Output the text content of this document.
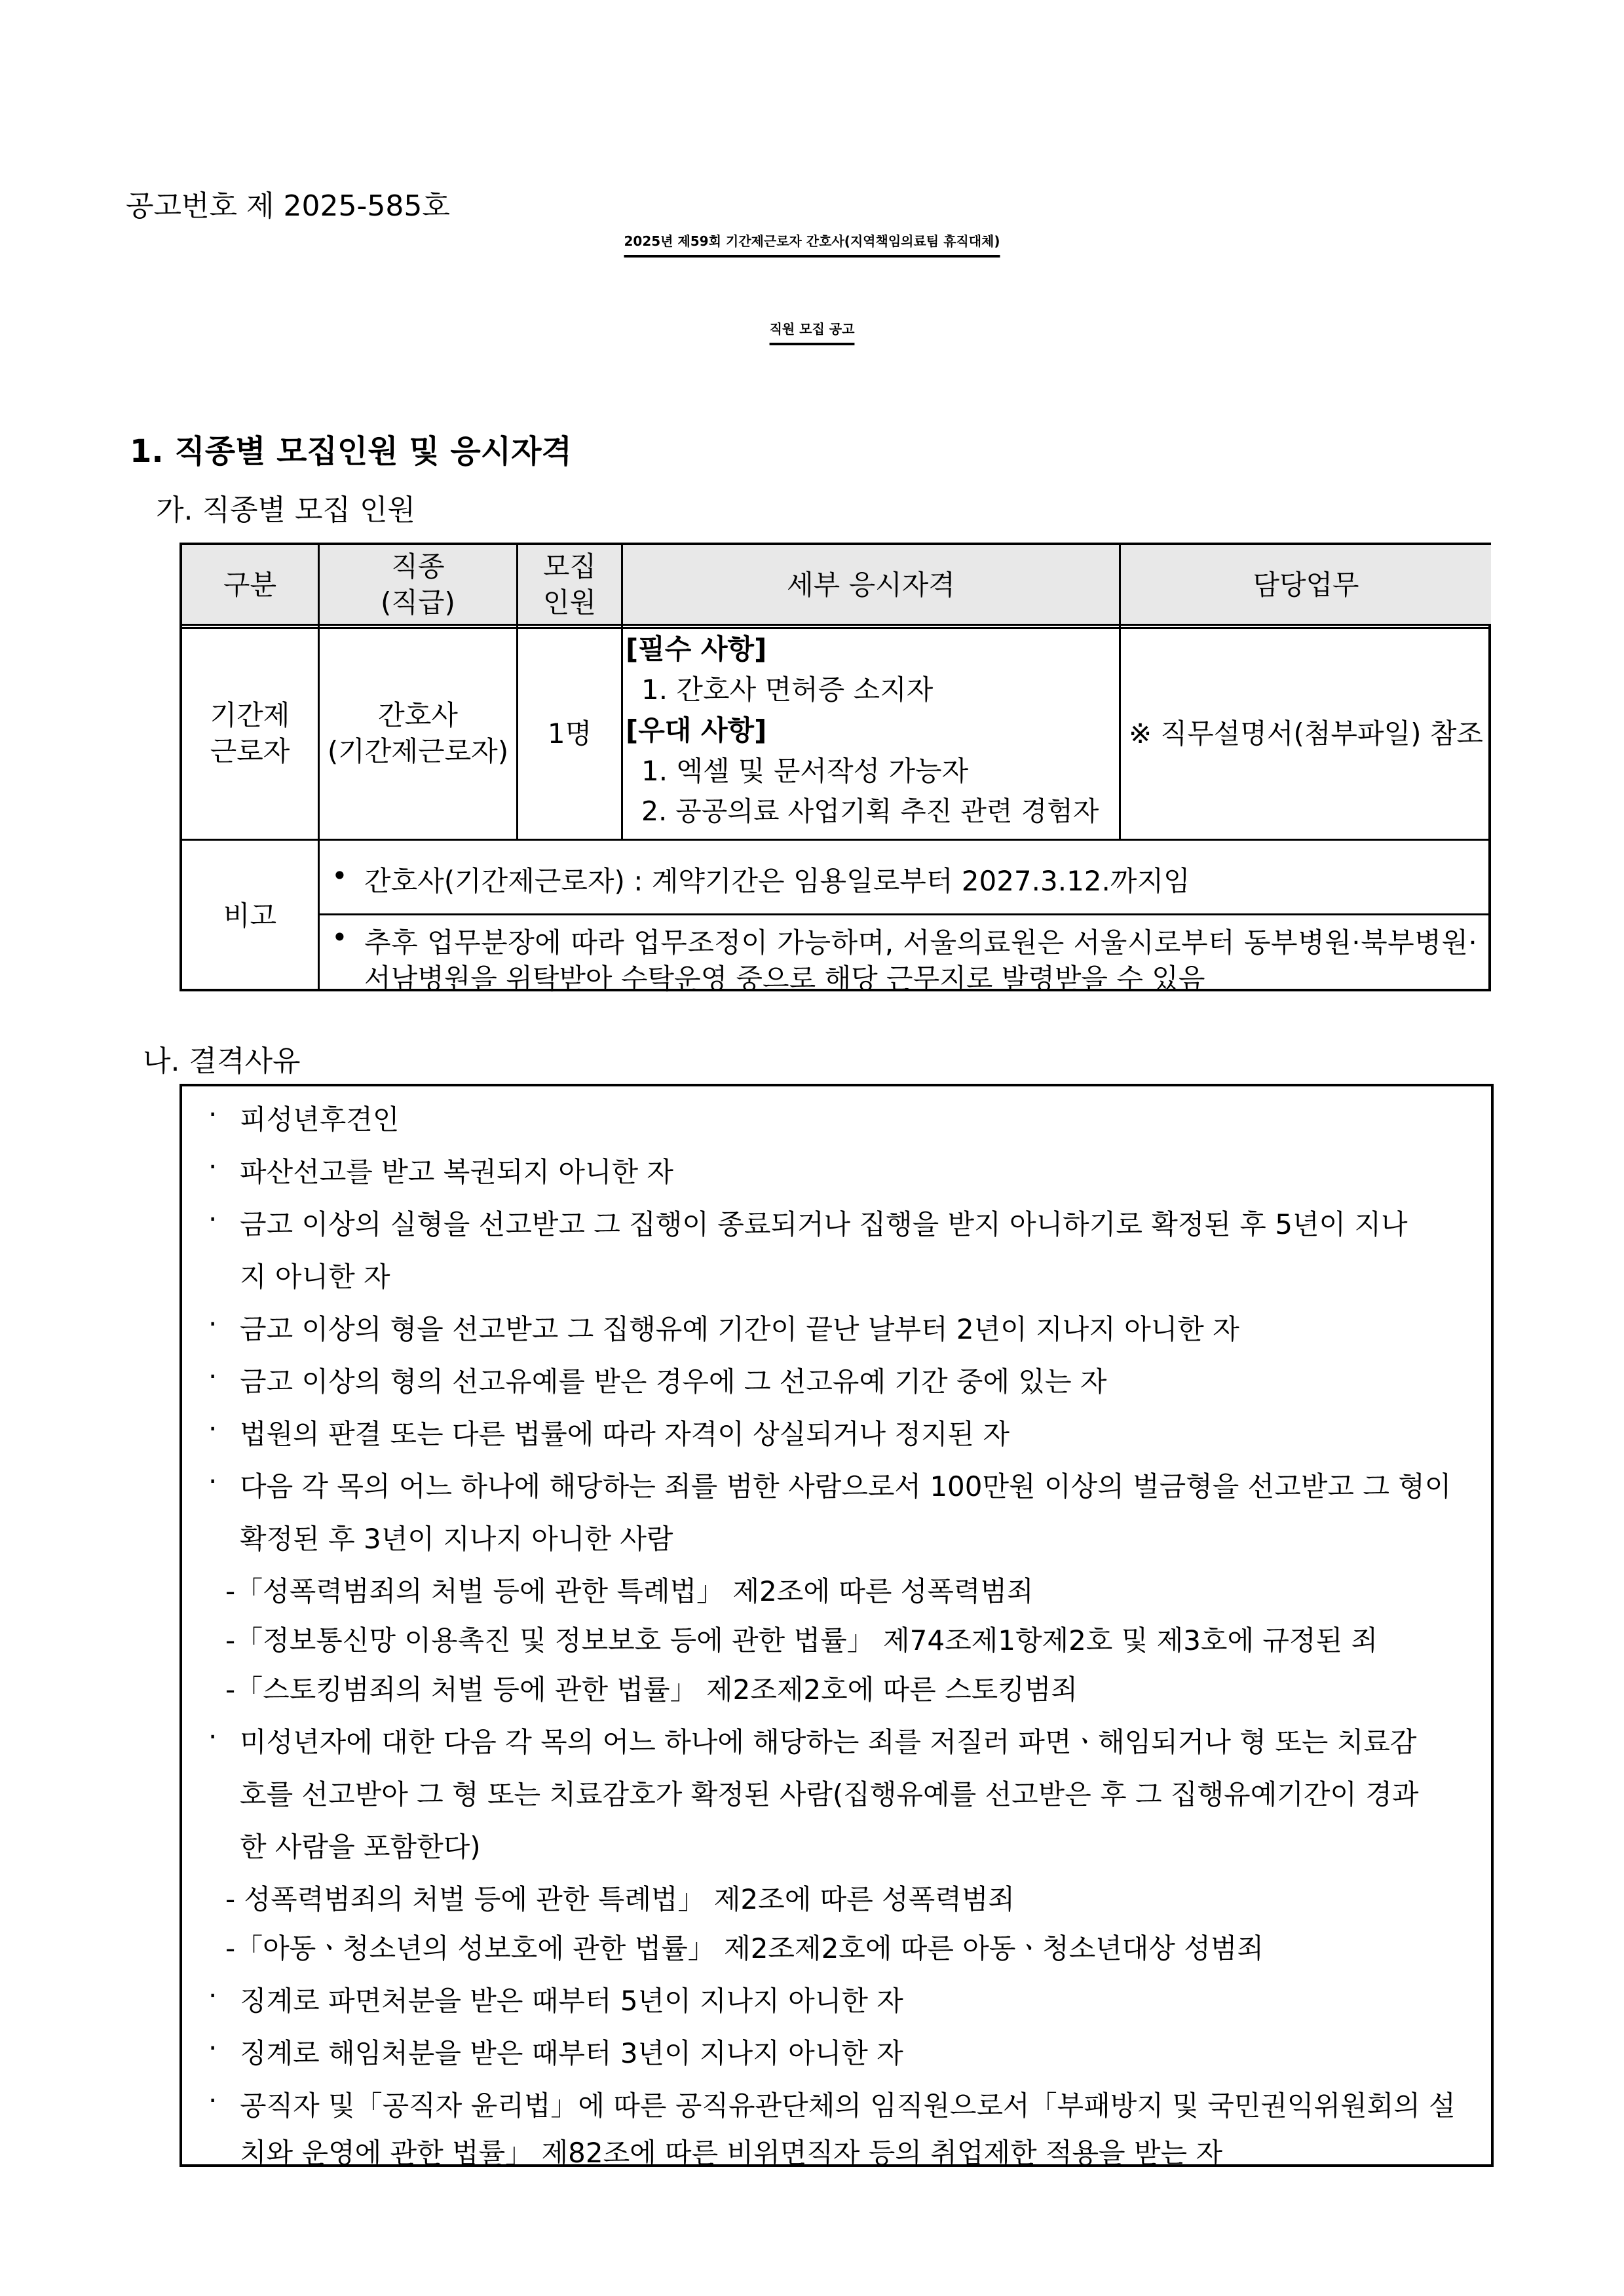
공고번호 제 2025-585호
2025년 제59회 기간제근로자 간호사(지역책임의료팀 휴직대체)
직원 모집 공고
1. 직종별 모집인원 및 응시자격
가. 직종별 모집 인원
구분
직종
(직급)
모집
인원
세부 응시자격	담당업무
기간제
근로자
간호사
(기간제근로자)
1명
[필수 사항]
1. 간호사 면허증 소지자
[우대 사항]
1. 엑셀 및 문서작성 가능자
2. 공공의료 사업기획 추진 관련 경험자
※ 직무설명서(첨부파일) 참조
비고
• 간호사(기간제근로자) : 계약기간은 임용일로부터 2027.3.12.까지임
• 추후 업무분장에 따라 업무조정이 가능하며, 서울의료원은 서울시로부터 동부병원·북부병원·
서남병원을 위탁받아 수탁운영 중으로 해당 근무지로 발령받을 수 있음
나. 결격사유
· 피성년후견인
· 파산선고를 받고 복권되지 아니한 자
· 금고 이상의 실형을 선고받고 그 집행이 종료되거나 집행을 받지 아니하기로 확정된 후 5년이 지나
지 아니한 자
· 금고 이상의 형을 선고받고 그 집행유예 기간이 끝난 날부터 2년이 지나지 아니한 자
· 금고 이상의 형의 선고유예를 받은 경우에 그 선고유예 기간 중에 있는 자
· 법원의 판결 또는 다른 법률에 따라 자격이 상실되거나 정지된 자
· 다음 각 목의 어느 하나에 해당하는 죄를 범한 사람으로서 100만원 이상의 벌금형을 선고받고 그 형이
확정된 후 3년이 지나지 아니한 사람
-「성폭력범죄의 처벌 등에 관한 특례법」 제2조에 따른 성폭력범죄
-「정보통신망 이용촉진 및 정보보호 등에 관한 법률」 제74조제1항제2호 및 제3호에 규정된 죄
-「스토킹범죄의 처벌 등에 관한 법률」 제2조제2호에 따른 스토킹범죄
· 미성년자에 대한 다음 각 목의 어느 하나에 해당하는 죄를 저질러 파면ㆍ해임되거나 형 또는 치료감
호를 선고받아 그 형 또는 치료감호가 확정된 사람(집행유예를 선고받은 후 그 집행유예기간이 경과
한 사람을 포함한다)
- 성폭력범죄의 처벌 등에 관한 특례법」 제2조에 따른 성폭력범죄
-「아동ㆍ청소년의 성보호에 관한 법률」 제2조제2호에 따른 아동ㆍ청소년대상 성범죄
· 징계로 파면처분을 받은 때부터 5년이 지나지 아니한 자
· 징계로 해임처분을 받은 때부터 3년이 지나지 아니한 자
· 공직자 및「공직자 윤리법」에 따른 공직유관단체의 임직원으로서「부패방지 및 국민권익위원회의 설
치와 운영에 관한 법률」 제82조에 따른 비위면직자 등의 취업제한 적용을 받는 자
